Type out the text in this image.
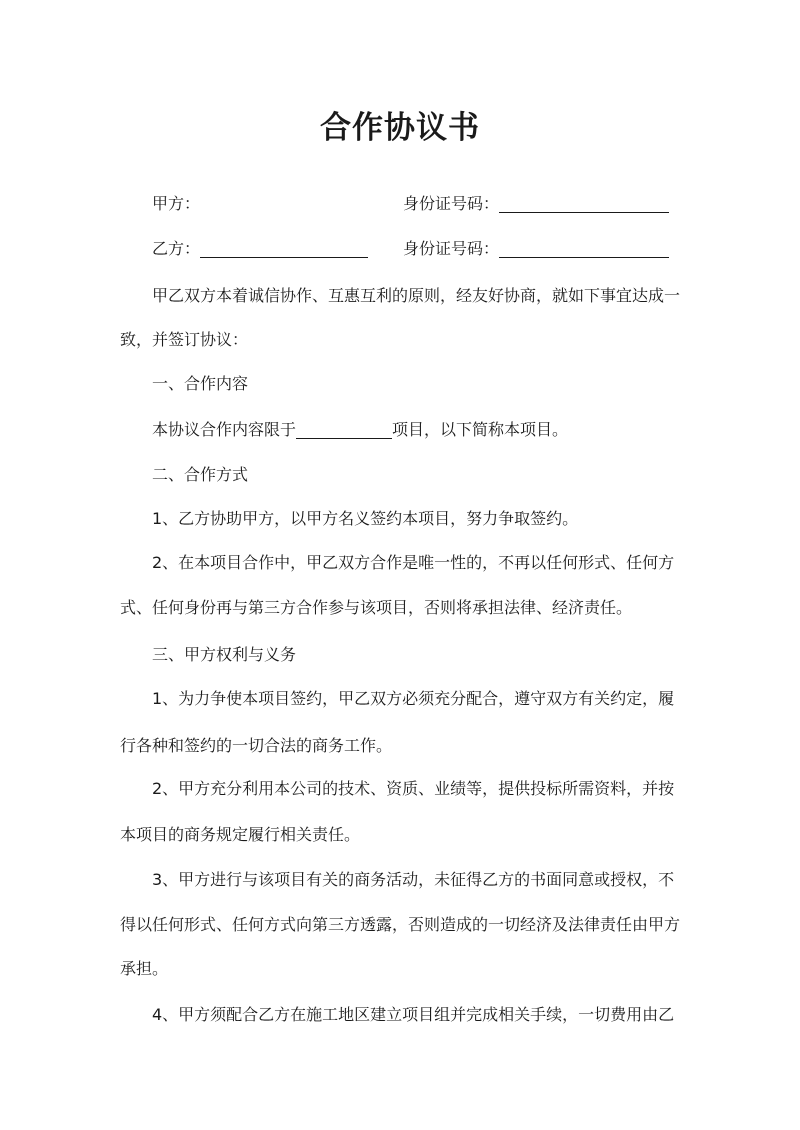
合作协议书
甲方：	身份证号码：
乙方：	身份证号码：
甲乙双方本着诚信协作、互惠互利的原则，经友好协商，就如下事宜达成一
致，并签订协议：
一、合作内容
本协议合作内容限于	项目，以下简称本项目。
二、合作方式
1、乙方协助甲方，以甲方名义签约本项目，努力争取签约。
2、在本项目合作中，甲乙双方合作是唯一性的，不再以任何形式、任何方
式、任何身份再与第三方合作参与该项目，否则将承担法律、经济责任。
三、甲方权利与义务
1、为力争使本项目签约，甲乙双方必须充分配合，遵守双方有关约定，履
行各种和签约的一切合法的商务工作。
2、甲方充分利用本公司的技术、资质、业绩等，提供投标所需资料，并按
本项目的商务规定履行相关责任。
3、甲方进行与该项目有关的商务活动，未征得乙方的书面同意或授权，不
得以任何形式、任何方式向第三方透露，否则造成的一切经济及法律责任由甲方
承担。
4、甲方须配合乙方在施工地区建立项目组并完成相关手续，一切费用由乙
